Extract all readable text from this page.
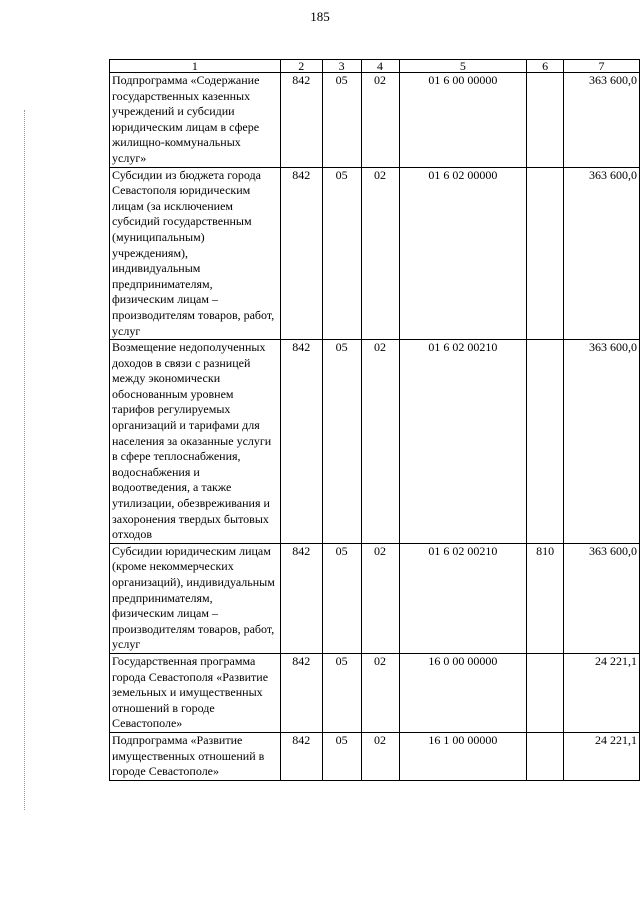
185
1	2	3	4	5	6	7
Подпрограмма «Содержание государственных казенных учреждений и субсидии юридическим лицам в сфере жилищно-коммунальных услуг»	842	05	02	01 6 00 00000		363 600,0
Субсидии из бюджета города Севастополя юридическим лицам (за исключением субсидий государственным (муниципальным) учреждениям), индивидуальным предпринимателям, физическим лицам – производителям товаров, работ, услуг	842	05	02	01 6 02 00000		363 600,0
Возмещение недополученных доходов в связи с разницей между экономически обоснованным уровнем тарифов регулируемых организаций и тарифами для населения за оказанные услуги в сфере теплоснабжения, водоснабжения и водоотведения, а также утилизации, обезвреживания и захоронения твердых бытовых отходов	842	05	02	01 6 02 00210		363 600,0
Субсидии юридическим лицам (кроме некоммерческих организаций), индивидуальным предпринимателям, физическим лицам – производителям товаров, работ, услуг	842	05	02	01 6 02 00210	810	363 600,0
Государственная программа города Севастополя «Развитие земельных и имущественных отношений в городе Севастополе»	842	05	02	16 0 00 00000		24 221,1
Подпрограмма «Развитие имущественных отношений в городе Севастополе»	842	05	02	16 1 00 00000		24 221,1
